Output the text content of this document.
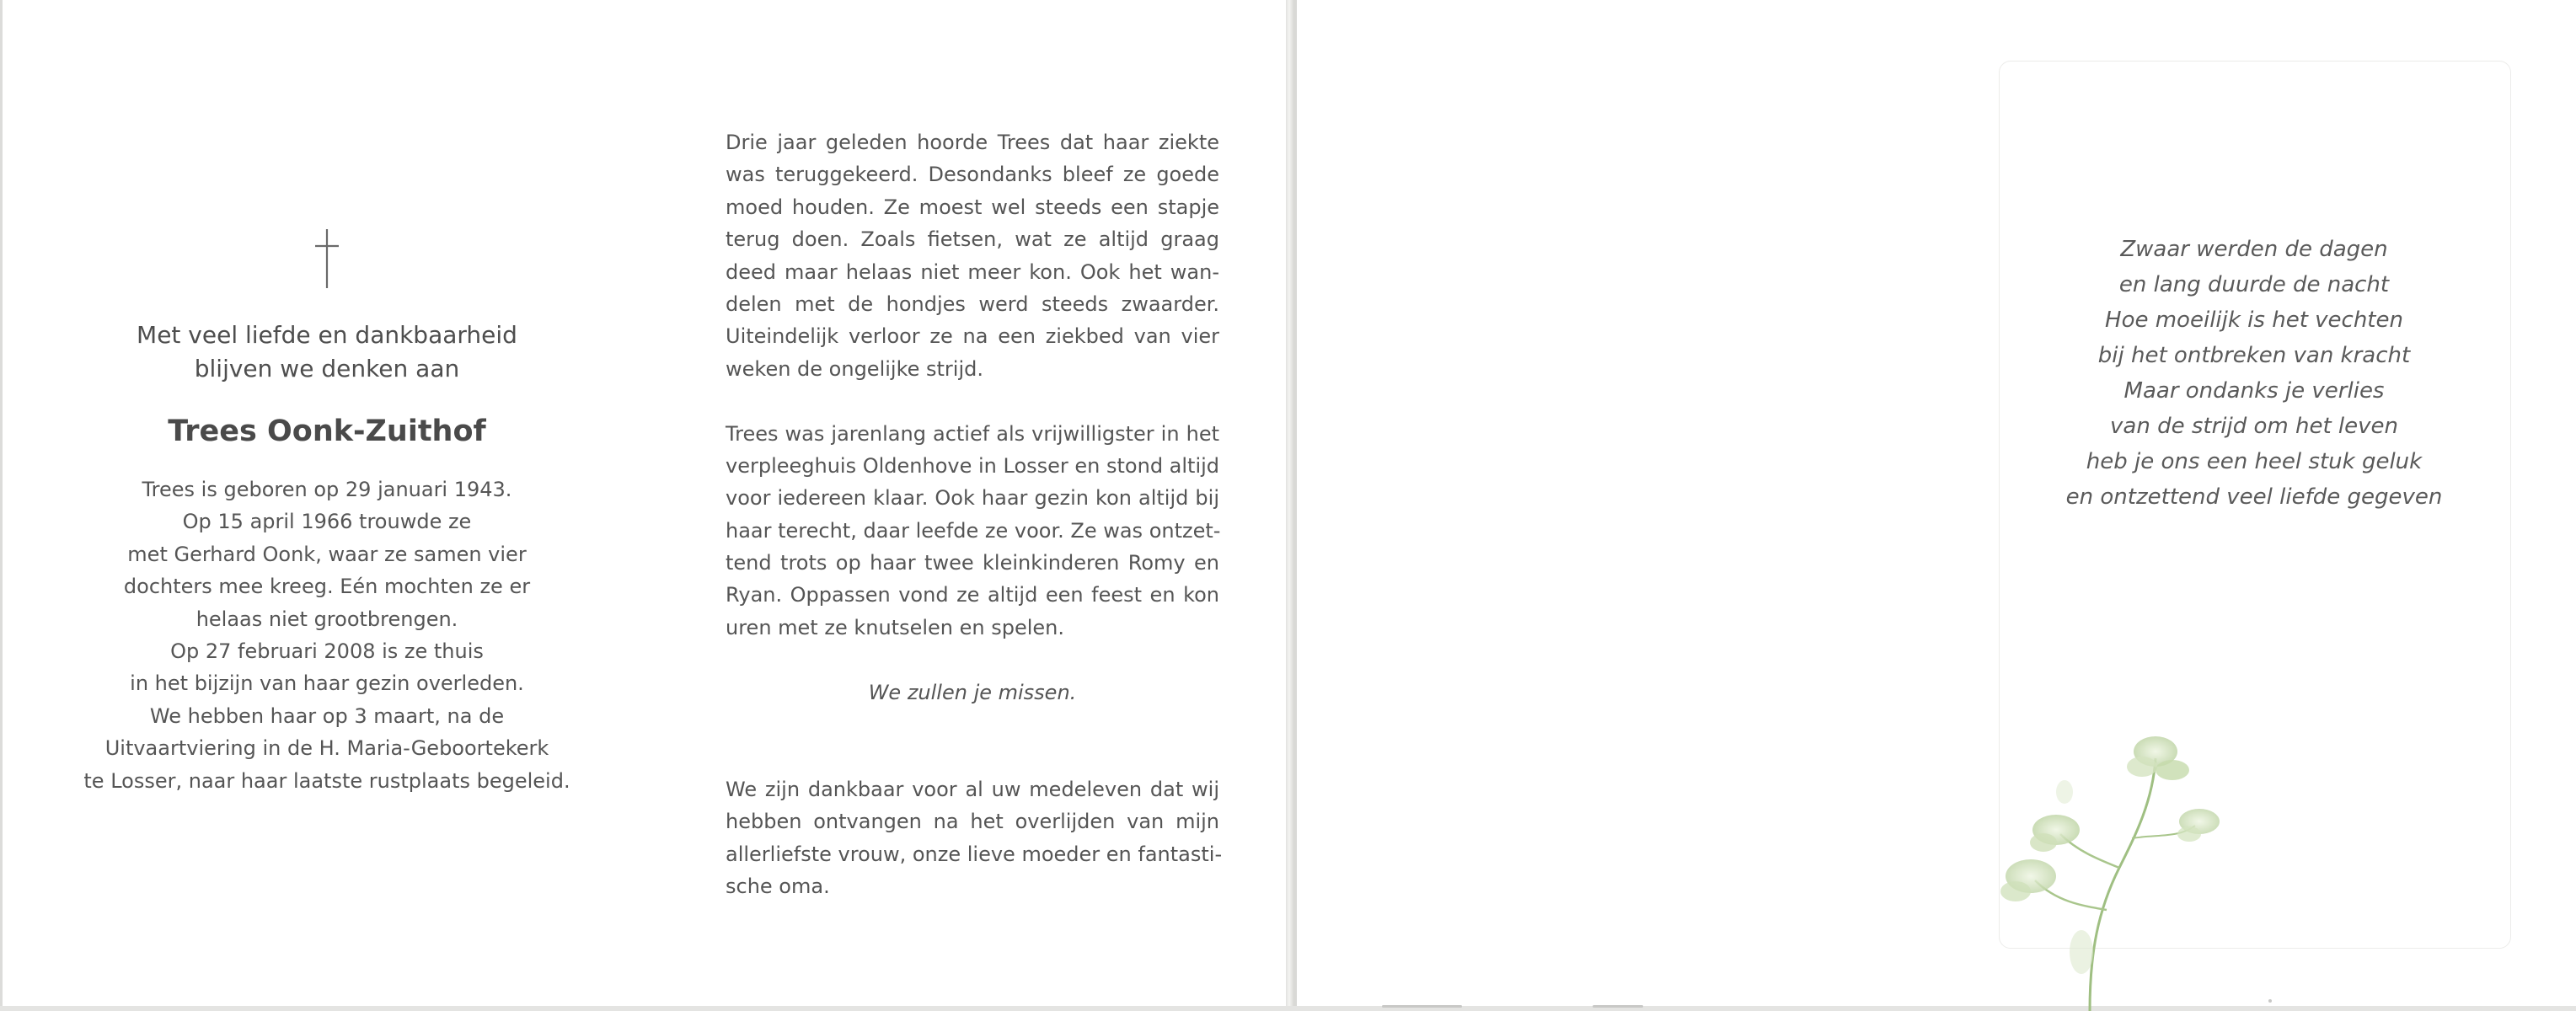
Met veel liefde en dankbaarheid
blijven we denken aan
Trees Oonk-Zuithof
Trees is geboren op 29 januari 1943.
Op 15 april 1966 trouwde ze
met Gerhard Oonk, waar ze samen vier
dochters mee kreeg. Eén mochten ze er
helaas niet grootbrengen.
Op 27 februari 2008 is ze thuis
in het bijzijn van haar gezin overleden.
We hebben haar op 3 maart, na de
Uitvaartviering in de H. Maria-Geboortekerk
te Losser, naar haar laatste rustplaats begeleid.
Drie jaar geleden hoorde Trees dat haar ziekte
was teruggekeerd. Desondanks bleef ze goede
moed houden. Ze moest wel steeds een stapje
terug doen. Zoals fietsen, wat ze altijd graag
deed maar helaas niet meer kon. Ook het wan-
delen met de hondjes werd steeds zwaarder.
Uiteindelijk verloor ze na een ziekbed van vier
weken de ongelijke strijd.
Trees was jarenlang actief als vrijwilligster in het
verpleeghuis Oldenhove in Losser en stond altijd
voor iedereen klaar. Ook haar gezin kon altijd bij
haar terecht, daar leefde ze voor. Ze was ontzet-
tend trots op haar twee kleinkinderen Romy en
Ryan. Oppassen vond ze altijd een feest en kon
uren met ze knutselen en spelen.
We zullen je missen.
We zijn dankbaar voor al uw medeleven dat wij
hebben ontvangen na het overlijden van mijn
allerliefste vrouw, onze lieve moeder en fantasti-
sche oma.
Zwaar werden de dagen
en lang duurde de nacht
Hoe moeilijk is het vechten
bij het ontbreken van kracht
Maar ondanks je verlies
van de strijd om het leven
heb je ons een heel stuk geluk
en ontzettend veel liefde gegeven
